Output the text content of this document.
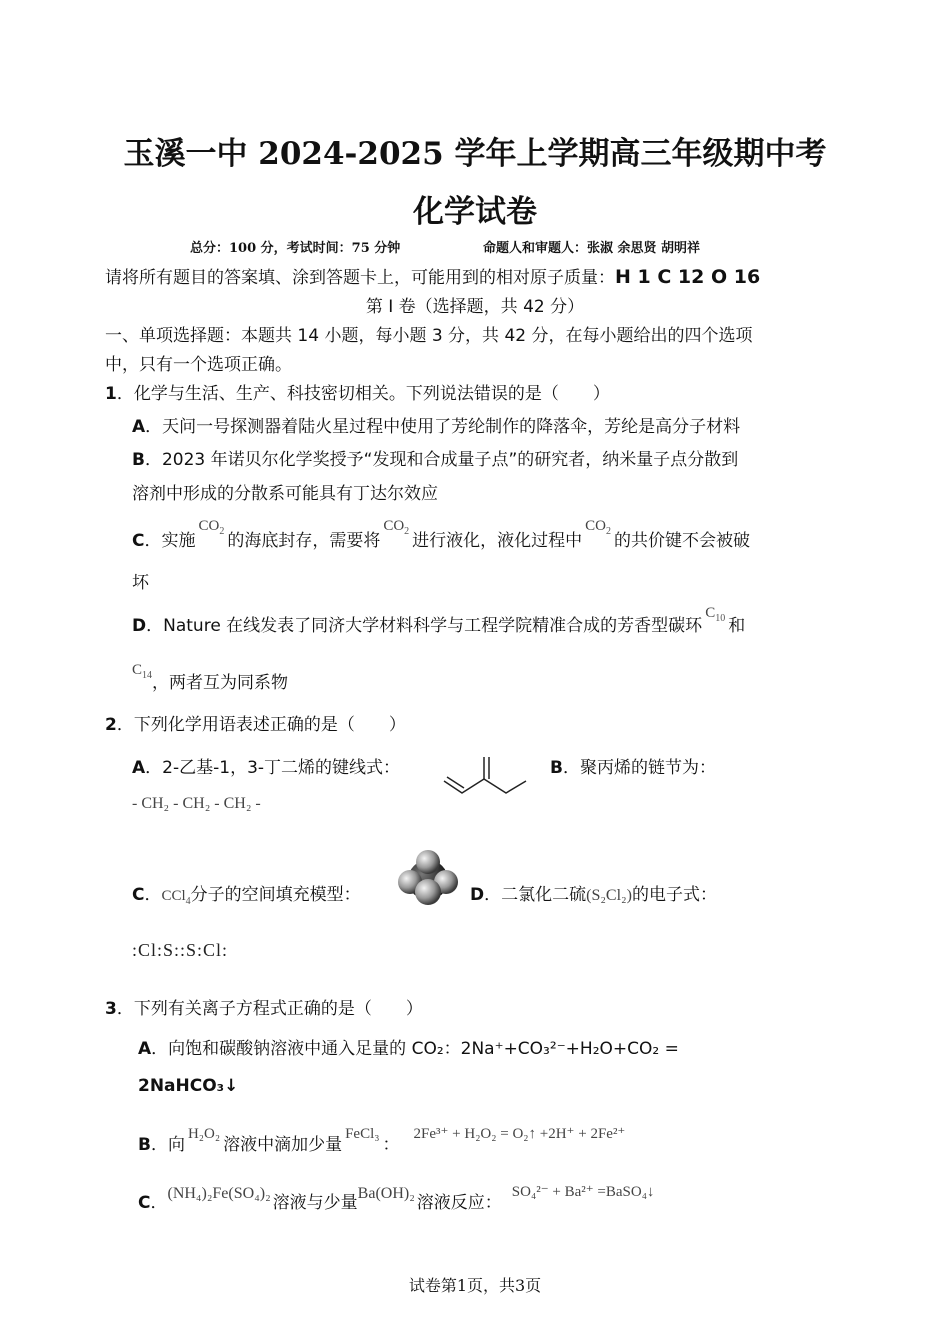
玉溪一中 2024-2025 学年上学期高三年级期中考
化学试卷
总分：100 分，考试时间：75 分钟	命题人和审题人：张淑 余思贤 胡明祥
请将所有题目的答案填、涂到答题卡上，可能用到的相对原子质量：H 1 C 12 O 16
第 I 卷（选择题，共 42 分）
一、单项选择题：本题共 14 小题，每小题 3 分，共 42 分，在每小题给出的四个选项
中，只有一个选项正确。
1．化学与生活、生产、科技密切相关。下列说法错误的是（　　）
A．天问一号探测器着陆火星过程中使用了芳纶制作的降落伞，芳纶是高分子材料
B．2023 年诺贝尔化学奖授予“发现和合成量子点”的研究者，纳米量子点分散到
溶剂中形成的分散系可能具有丁达尔效应
C．实施$CO_2$ 的海底封存，需要将$CO_2$ 进行液化，液化过程中$CO_2$ 的共价键不会被破
坏
D．Nature 在线发表了同济大学材料科学与工程学院精准合成的芳香型碳环$C_{10}$ 和
$C_{14}$，两者互为同系物
2．下列化学用语表述正确的是（　　）
A．2-乙基-1，3-丁二烯的键线式：	B．聚丙烯的链节为：
- CH₂ - CH₂ - CH₂ -
C．CCl$_4$分子的空间填充模型：	D．二氯化二硫(S₂Cl₂)的电子式：
:Cl:S::S:Cl:
3．下列有关离子方程式正确的是（　　）
A．向饱和碳酸钠溶液中通入足量的 CO₂：2Na⁺+CO₃²⁻+H₂O+CO₂ =
2NaHCO₃↓
B．向H₂O₂溶液中滴加少量FeCl₃：2Fe³⁺ + H₂O₂ = O₂↑ +2H⁺ + 2Fe²⁺
C．(NH₄)₂Fe(SO₄)₂ 溶液与少量Ba(OH)₂ 溶液反应：SO₄²⁻ + Ba²⁺ =BaSO₄↓
试卷第1页，共3页
